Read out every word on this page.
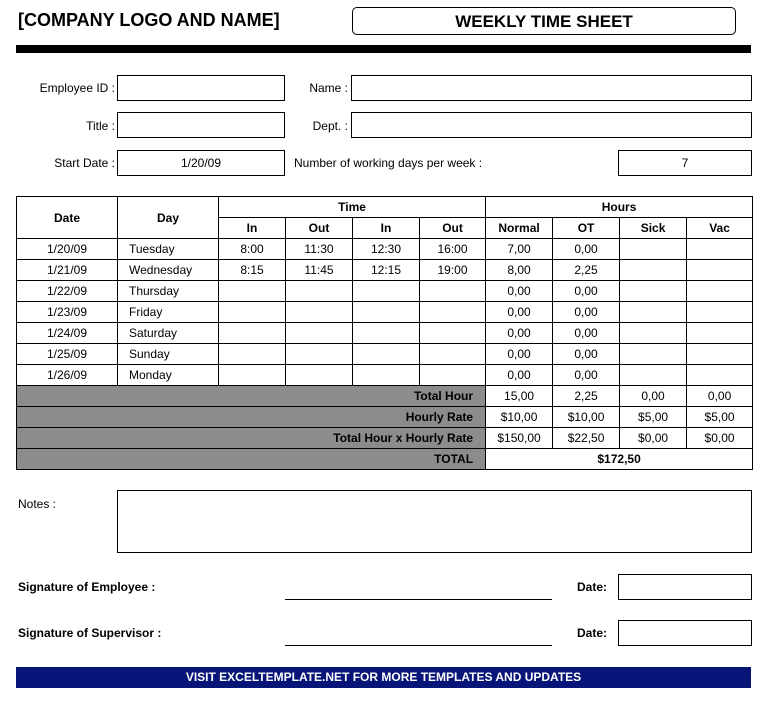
[COMPANY LOGO AND NAME]	WEEKLY TIME SHEET
Employee ID :	Name :
Title :	Dept. :
Start Date :	1/20/09	Number of working days per week :	7
Date	Day	Time				Hours			
		In	Out	In	Out	Normal	OT	Sick	Vac
1/20/09	Tuesday	8:00	11:30	12:30	16:00	7,00	0,00		
1/21/09	Wednesday	8:15	11:45	12:15	19:00	8,00	2,25		
1/22/09	Thursday					0,00	0,00		
1/23/09	Friday					0,00	0,00		
1/24/09	Saturday					0,00	0,00		
1/25/09	Sunday					0,00	0,00		
1/26/09	Monday					0,00	0,00		
Total Hour						15,00	2,25	0,00	0,00
Hourly Rate						$10,00	$10,00	$5,00	$5,00
Total Hour x Hourly Rate						$150,00	$22,50	$0,00	$0,00
TOTAL						$172,50			
Notes :
Signature of Employee :	Date:
Signature of Supervisor :	Date:
VISIT EXCELTEMPLATE.NET FOR MORE TEMPLATES AND UPDATES
